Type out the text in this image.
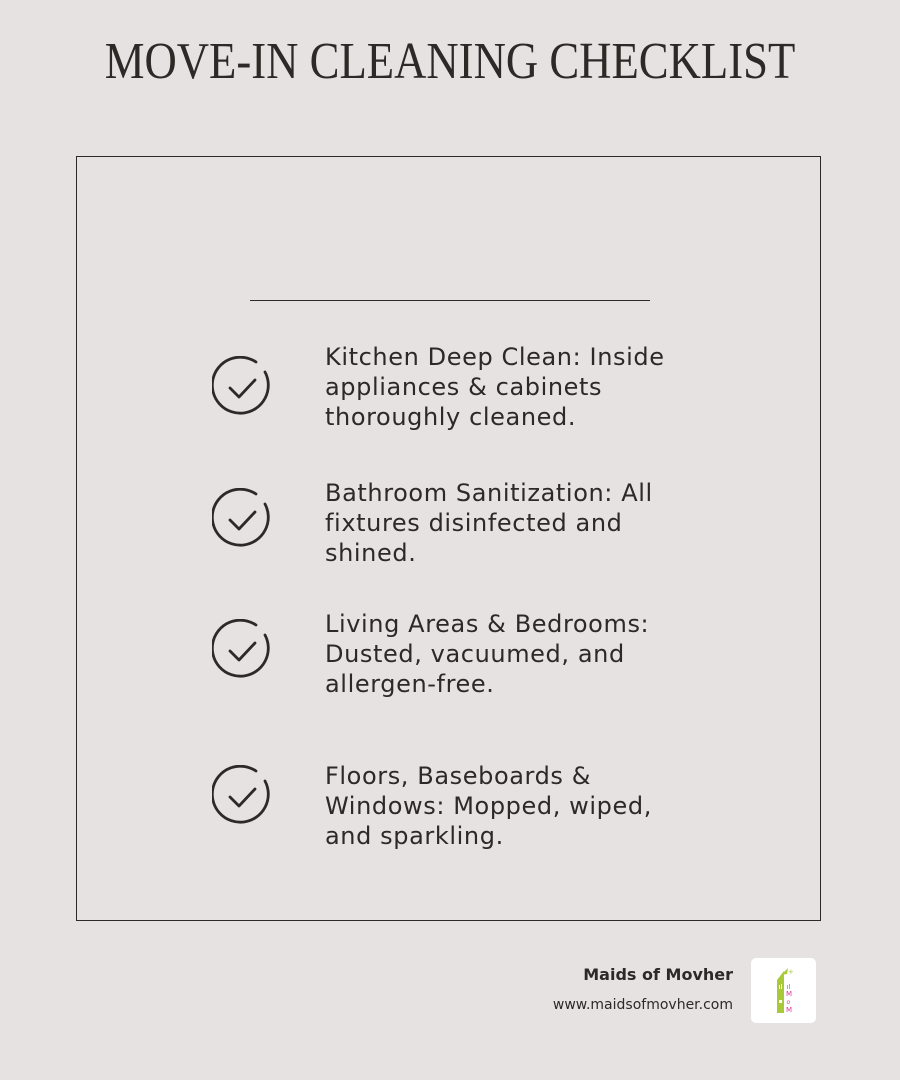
MOVE-IN CLEANING CHECKLIST
Kitchen Deep Clean: Inside appliances & cabinets thoroughly cleaned.
Bathroom Sanitization: All fixtures disinfected and shined.
Living Areas & Bedrooms: Dusted, vacuumed, and allergen-free.
Floors, Baseboards & Windows: Mopped, wiped, and sparkling.
Maids of Movher
www.maidsofmovher.com
+
M
o
M
